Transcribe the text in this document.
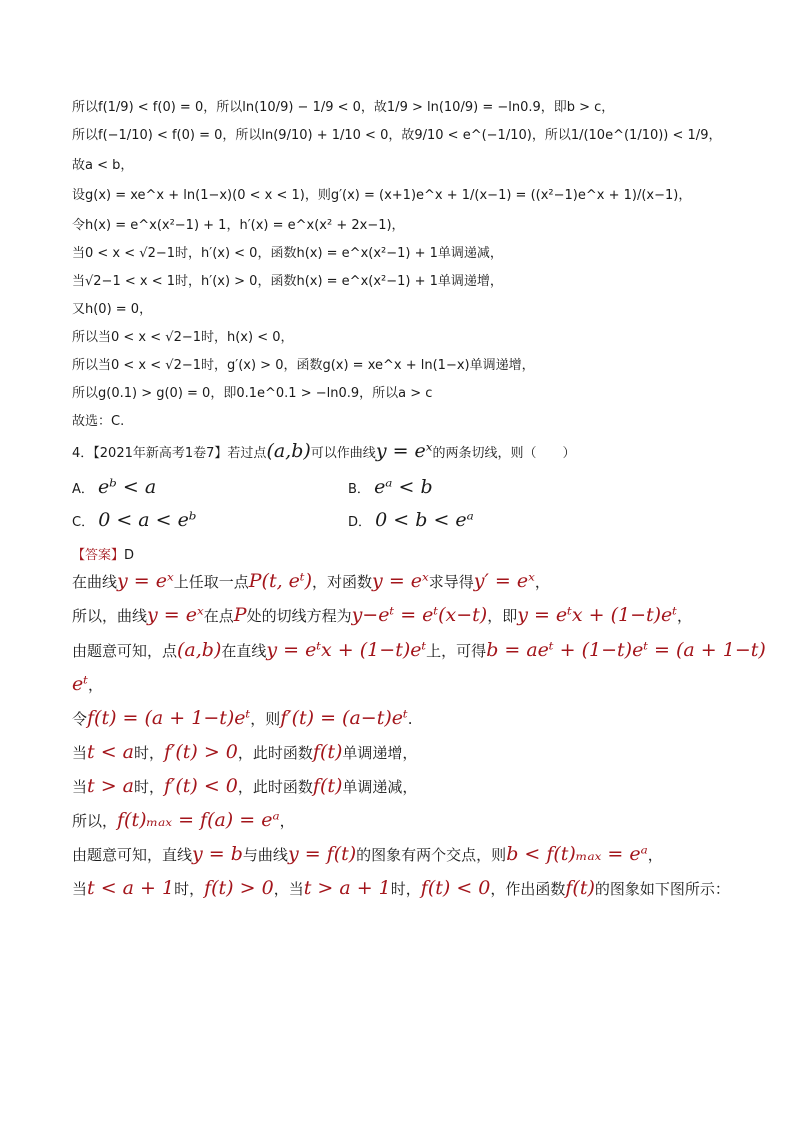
所以f(1/9) < f(0) = 0，所以ln(10/9) − 1/9 < 0，故1/9 > ln(10/9) = −ln0.9，即b > c，
所以f(−1/10) < f(0) = 0，所以ln(9/10) + 1/10 < 0，故9/10 < e^(−1/10)，所以1/(10e^(1/10)) < 1/9，
故a < b，
设g(x) = xe^x + ln(1−x)(0 < x < 1)，则g′(x) = (x+1)e^x + 1/(x−1) = ((x²−1)e^x + 1)/(x−1)，
令h(x) = e^x(x²−1) + 1，h′(x) = e^x(x² + 2x−1)，
当0 < x < √2−1时，h′(x) < 0，函数h(x) = e^x(x²−1) + 1单调递减，
当√2−1 < x < 1时，h′(x) > 0，函数h(x) = e^x(x²−1) + 1单调递增，
又h(0) = 0，
所以当0 < x < √2−1时，h(x) < 0，
所以当0 < x < √2−1时，g′(x) > 0，函数g(x) = xe^x + ln(1−x)单调递增，
所以g(0.1) > g(0) = 0，即0.1e^0.1 > −ln0.9，所以a > c
故选：C.
4．【2021年新高考1卷7】若过点(a,b)可以作曲线y = eˣ的两条切线，则（　　）
A． eᵇ < a	B． eᵃ < b
C． 0 < a < eᵇ	D． 0 < b < eᵃ
【答案】D
在曲线y = eˣ上任取一点P(t, eᵗ)，对函数y = eˣ求导得y′ = eˣ，
所以，曲线y = eˣ在点P处的切线方程为y−eᵗ = eᵗ(x−t)，即y = eᵗx + (1−t)eᵗ，
由题意可知，点(a,b)在直线y = eᵗx + (1−t)eᵗ上，可得b = aeᵗ + (1−t)eᵗ = (a + 1−t)
eᵗ，
令f(t) = (a + 1−t)eᵗ，则f′(t) = (a−t)eᵗ.
当t < a时，f′(t) > 0，此时函数f(t)单调递增，
当t > a时，f′(t) < 0，此时函数f(t)单调递减，
所以，f(t)ₘₐₓ = f(a) = eᵃ，
由题意可知，直线y = b与曲线y = f(t)的图象有两个交点，则b < f(t)ₘₐₓ = eᵃ，
当t < a + 1时，f(t) > 0，当t > a + 1时，f(t) < 0，作出函数f(t)的图象如下图所示：
